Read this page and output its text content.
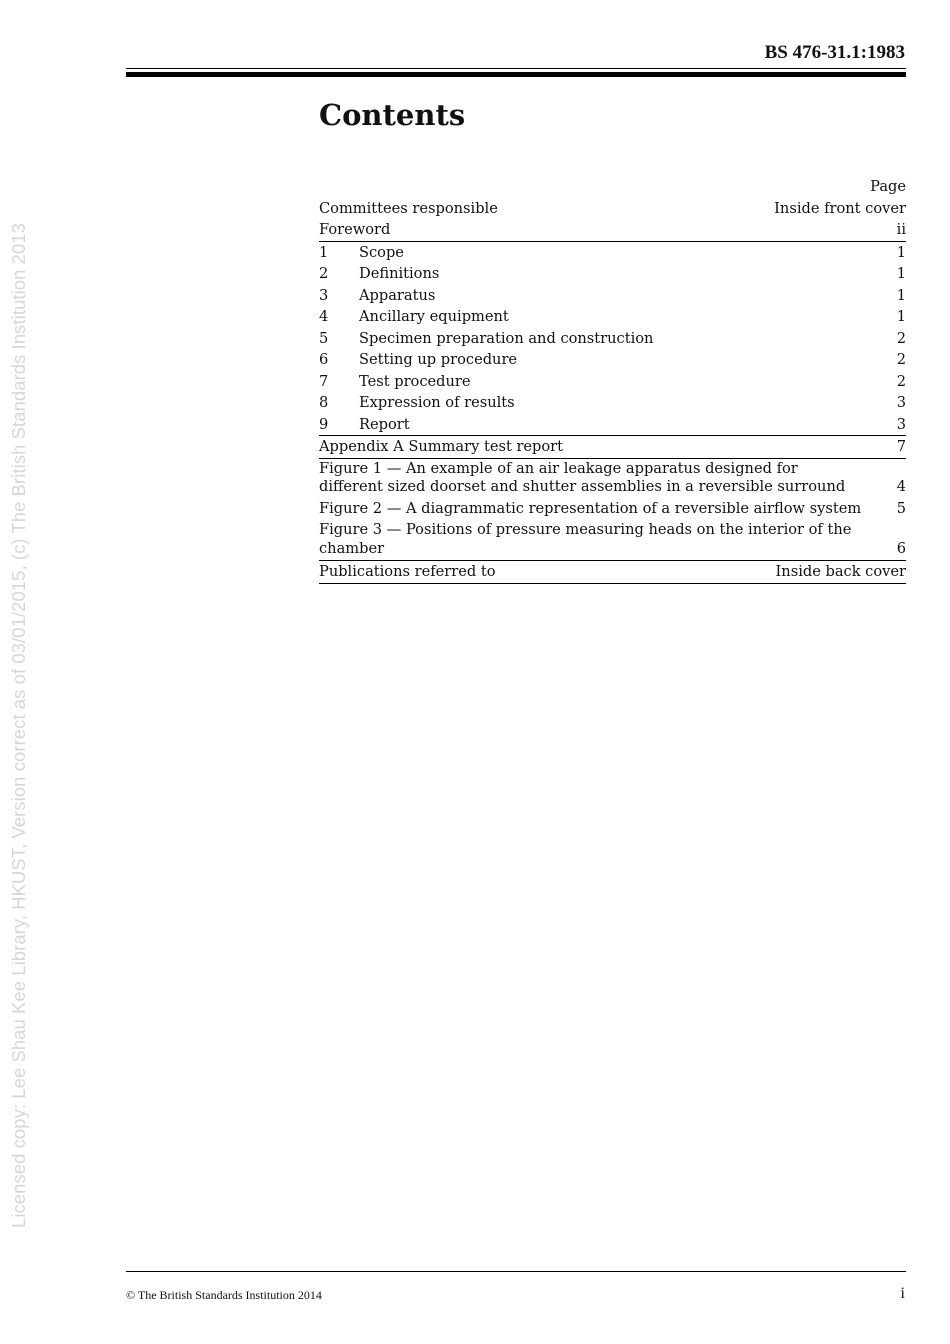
Licensed copy: Lee Shau Kee Library, HKUST, Version correct as of 03/01/2015, (c) The British Standards Institution 2013
BS 476-31.1:1983
Contents
Page
Committees responsible	Inside front cover
Foreword	ii
1	Scope	1
2	Definitions	1
3	Apparatus	1
4	Ancillary equipment	1
5	Specimen preparation and construction	2
6	Setting up procedure	2
7	Test procedure	2
8	Expression of results	3
9	Report	3
Appendix A Summary test report	7
Figure 1 — An example of an air leakage apparatus designed for
different sized doorset and shutter assemblies in a reversible surround	4
Figure 2 — A diagrammatic representation of a reversible airflow system	5
Figure 3 — Positions of pressure measuring heads on the interior of the
chamber	6
Publications referred to	Inside back cover
© The British Standards Institution 2014	i
